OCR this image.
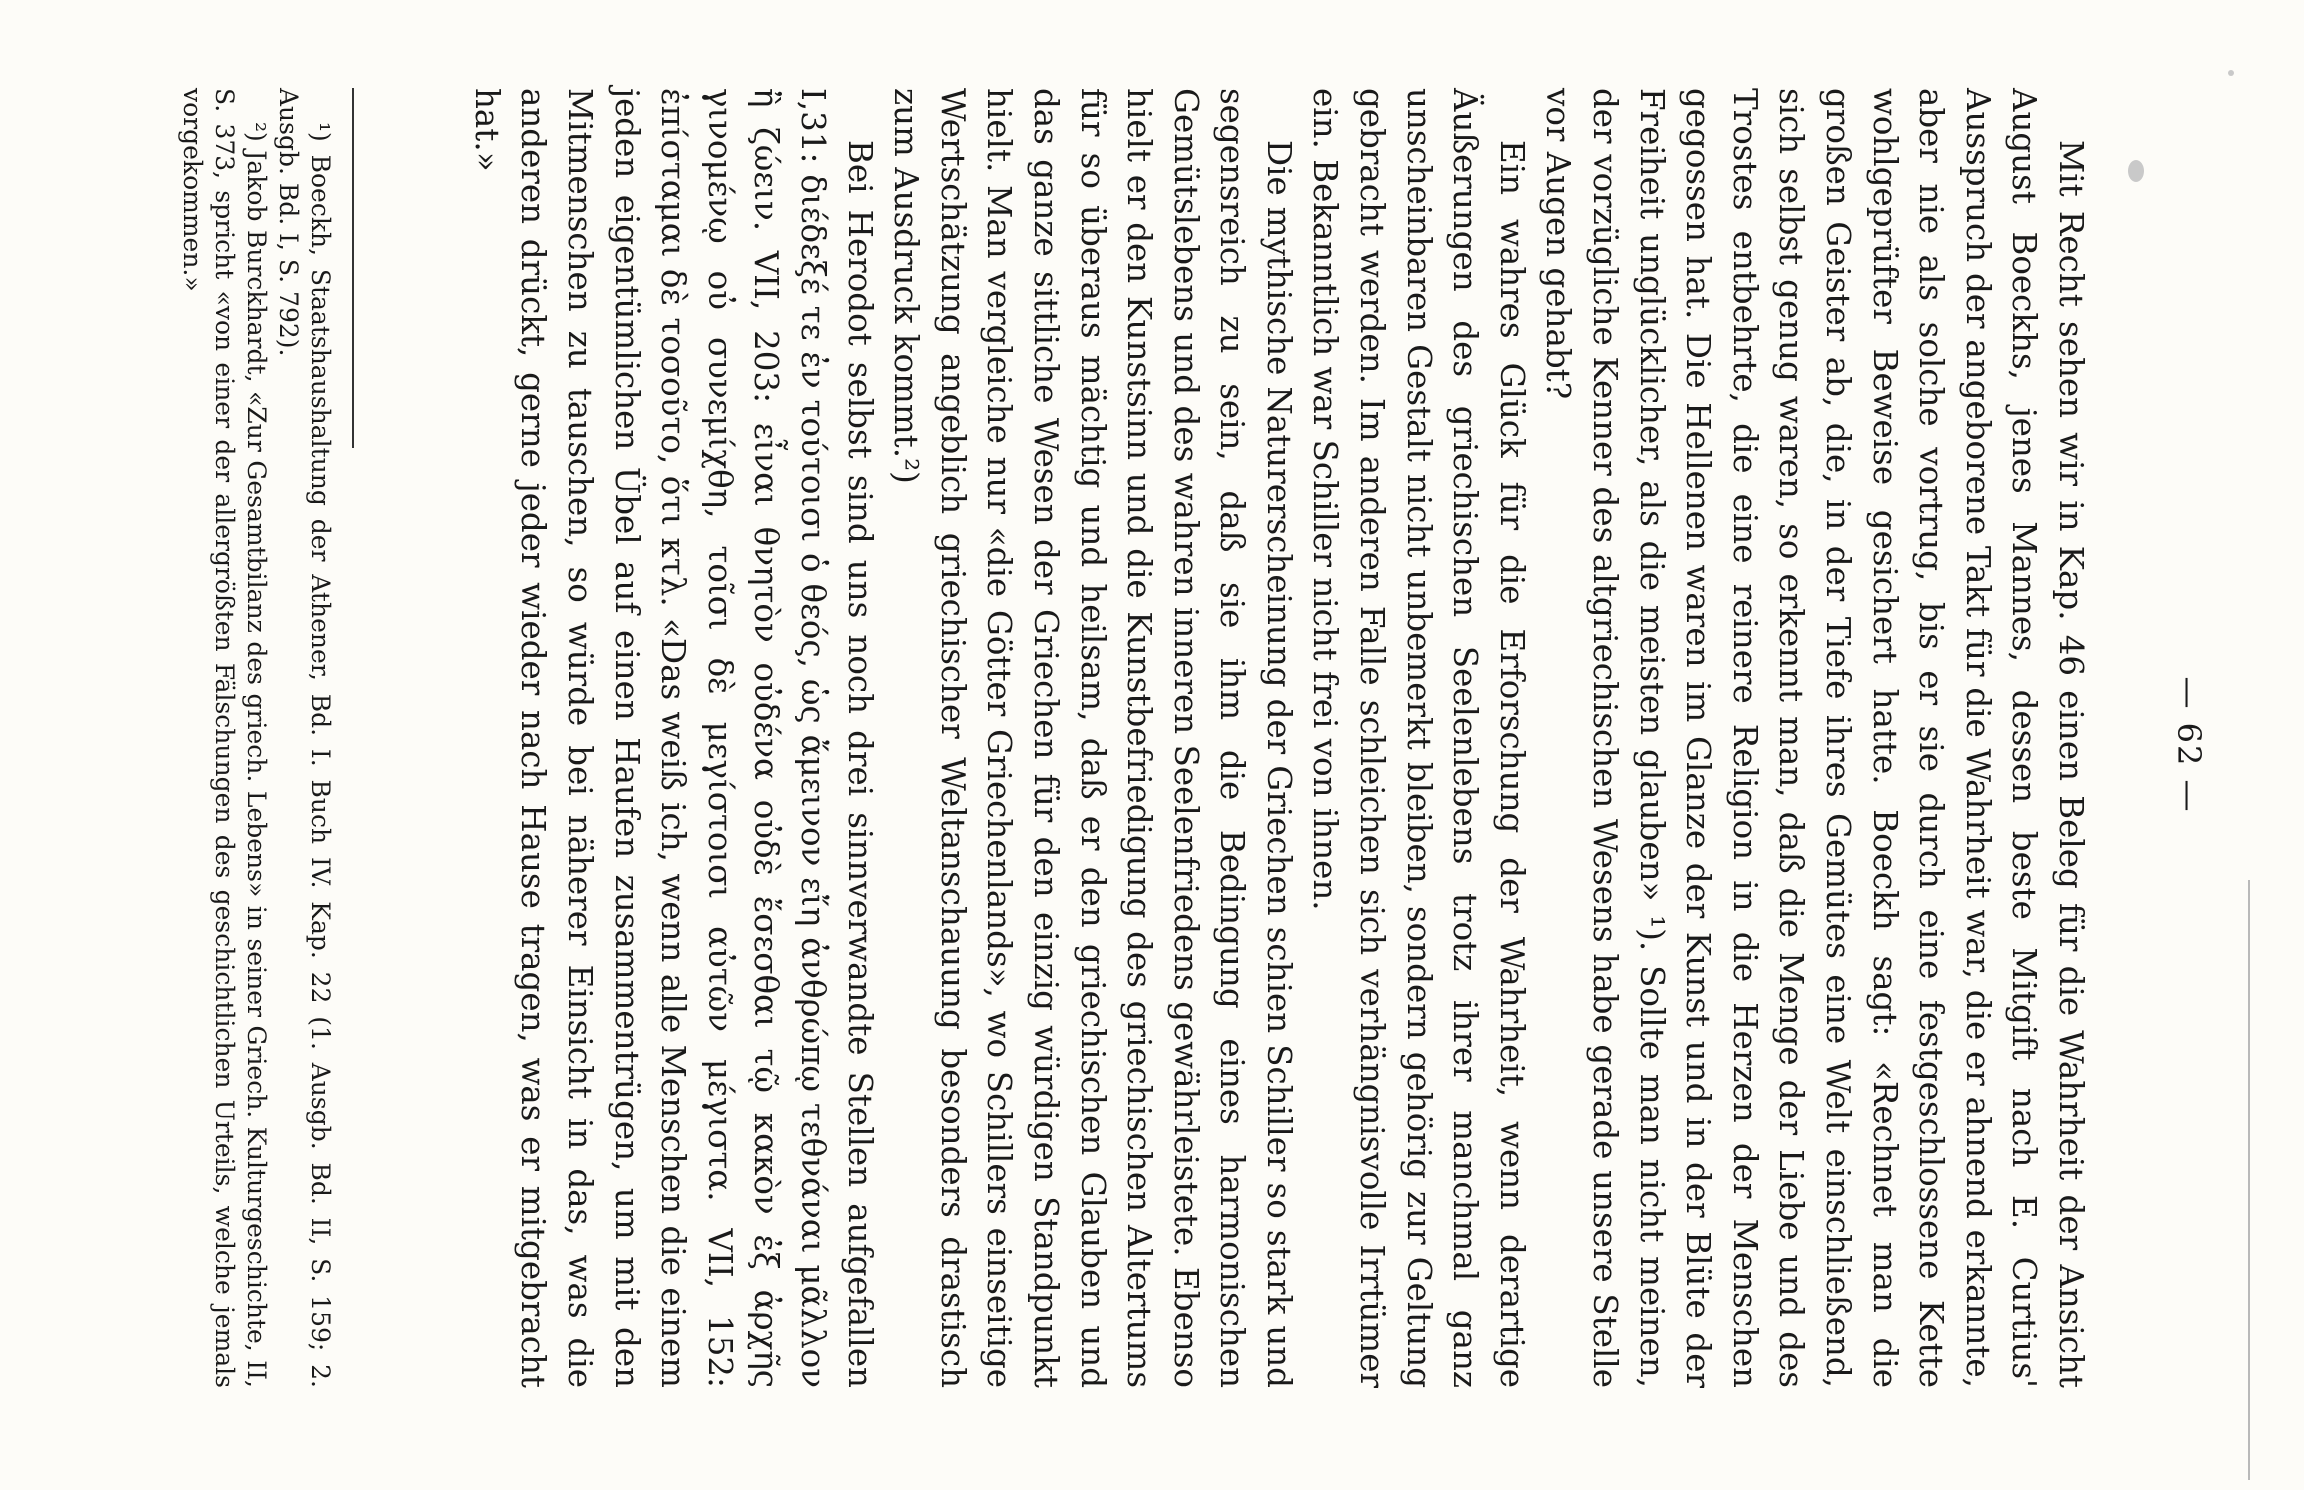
— 62 —

Mit Recht sehen wir in Kap. 46 einen Beleg für die Wahrheit der Ansicht August Boeckhs, jenes Mannes, dessen beste Mitgift nach E. Curtius' Ausspruch der angeborene Takt für die Wahrheit war, die er ahnend erkannte, aber nie als solche vortrug, bis er sie durch eine festgeschlossene Kette wohlgeprüfter Beweise gesichert hatte. Boeckh sagt: «Rechnet man die großen Geister ab, die, in der Tiefe ihres Gemütes eine Welt einschließend, sich selbst genug waren, so erkennt man, daß die Menge der Liebe und des Trostes entbehrte, die eine reinere Religion in die Herzen der Menschen gegossen hat. Die Hellenen waren im Glanze der Kunst und in der Blüte der Freiheit unglücklicher, als die meisten glauben» ¹). Sollte man nicht meinen, der vorzügliche Kenner des altgriechischen Wesens habe gerade unsere Stelle vor Augen gehabt?

Ein wahres Glück für die Erforschung der Wahrheit, wenn derartige Äußerungen des griechischen Seelenlebens trotz ihrer manchmal ganz unscheinbaren Gestalt nicht unbemerkt bleiben, sondern gehörig zur Geltung gebracht werden. Im anderen Falle schleichen sich verhängnisvolle Irrtümer ein. Bekanntlich war Schiller nicht frei von ihnen.

Die mythische Naturerscheinung der Griechen schien Schiller so stark und segensreich zu sein, daß sie ihm die Bedingung eines harmonischen Gemütslebens und des wahren inneren Seelenfriedens gewährleistete. Ebenso hielt er den Kunstsinn und die Kunstbefriedigung des griechischen Altertums für so überaus mächtig und heilsam, daß er den griechischen Glauben und das ganze sittliche Wesen der Griechen für den einzig würdigen Standpunkt hielt. Man vergleiche nur «die Götter Griechenlands», wo Schillers einseitige Wertschätzung angeblich griechischer Weltanschauung besonders drastisch zum Ausdruck kommt.²)

Bei Herodot selbst sind uns noch drei sinnverwandte Stellen aufgefallen I,31: διέδεξέ τε ἐν τούτοισι ὁ θεός, ὡς ἄμεινον εἴη ἀνθρώπῳ τεθνάναι μᾶλλον ἢ ζώειν. VII, 203: εἶναι θνητὸν οὐδένα οὐδὲ ἔσεσθαι τῷ κακὸν ἐξ ἀρχῆς γινομένῳ οὐ συνεμίχθη, τοῖσι δὲ μεγίστοισι αὐτῶν μέγιστα. VII, 152: ἐπίσταμαι δὲ τοσοῦτο, ὅτι κτλ. «Das weiß ich, wenn alle Menschen die einem jeden eigentümlichen Übel auf einen Haufen zusammentrügen, um mit den Mitmenschen zu tauschen, so würde bei näherer Einsicht in das, was die anderen drückt, gerne jeder wieder nach Hause tragen, was er mitgebracht hat.»

¹) Boeckh, Staatshaushaltung der Athener, Bd. I. Buch IV. Kap. 22 (1. Ausgb. Bd. II, S. 159; 2. Ausgb. Bd. I, S. 792).

²) Jakob Burckhardt, «Zur Gesamtbilanz des griech. Lebens» in seiner Griech. Kulturgeschichte, II, S. 373, spricht «von einer der allergrößten Fälschungen des geschichtlichen Urteils, welche jemals vorgekommen.»
